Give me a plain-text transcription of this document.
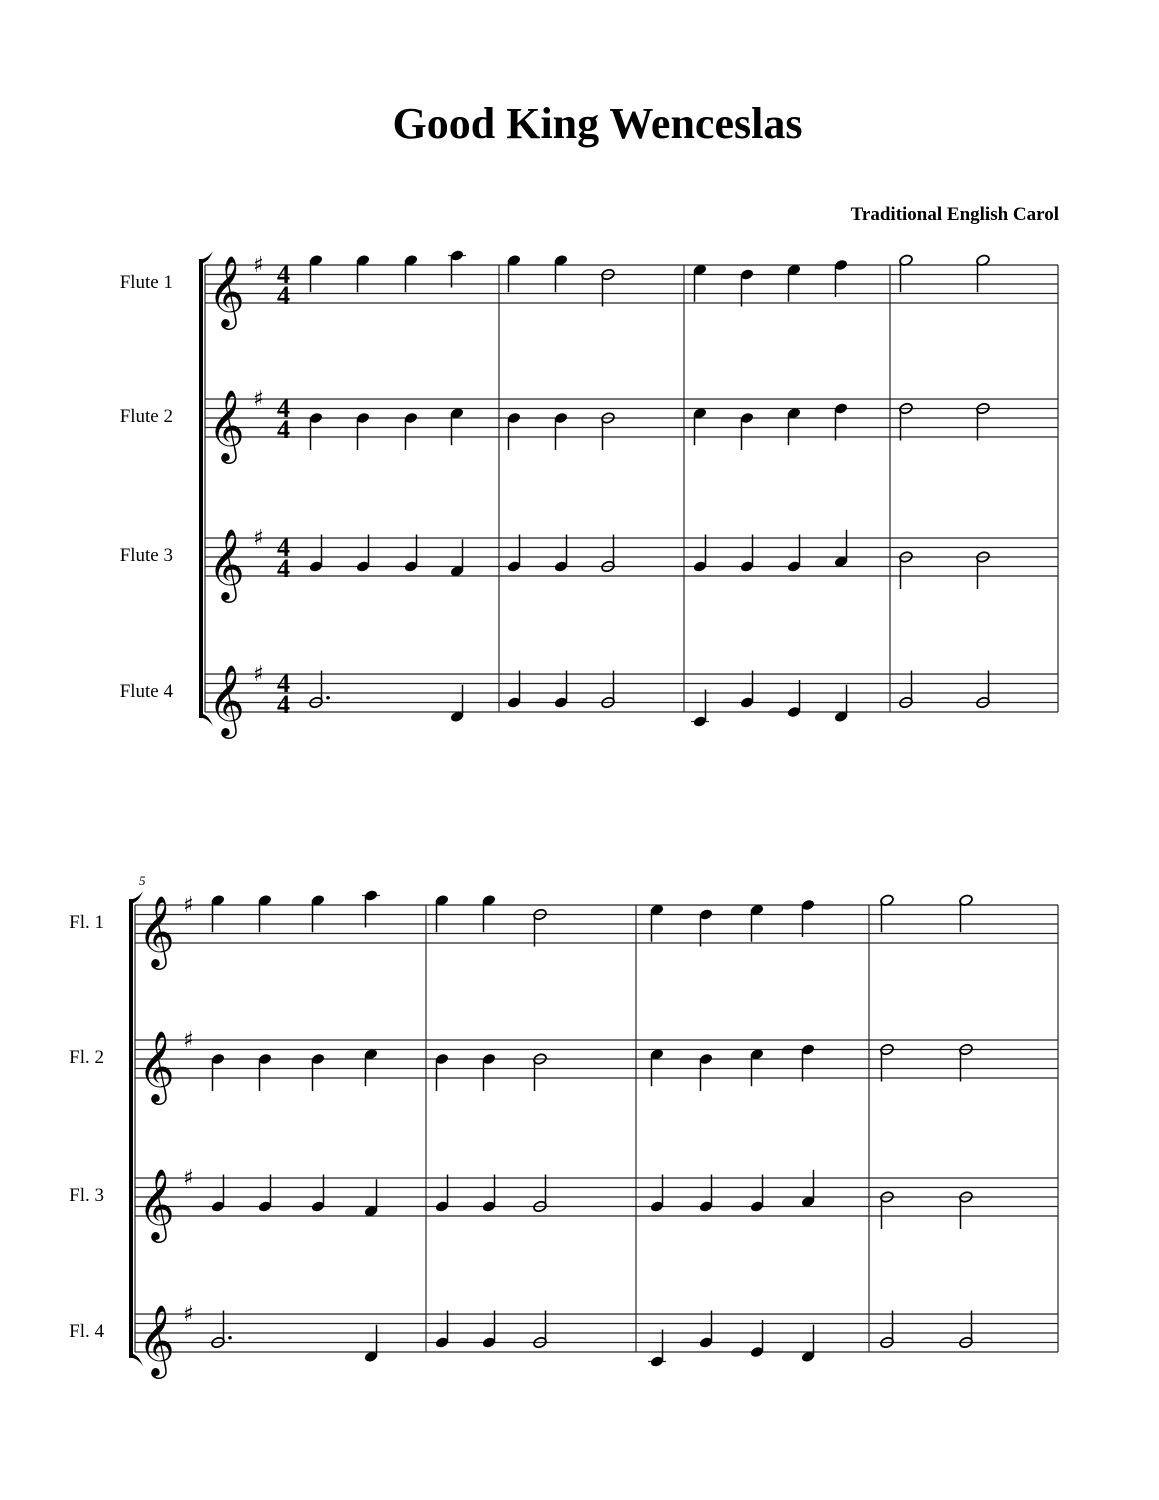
Good King Wenceslas
Traditional English Carol
Flute 1
Flute 2
Flute 3
Flute 4
Fl. 1
Fl. 2
Fl. 3
Fl. 4
𝄞 ♯ 4
4
𝄞 ♯ 4
4
𝄞 ♯ 4
4
𝄞 ♯ 4
4
5
𝄞 ♯
𝄞 ♯
𝄞 ♯
𝄞 ♯
